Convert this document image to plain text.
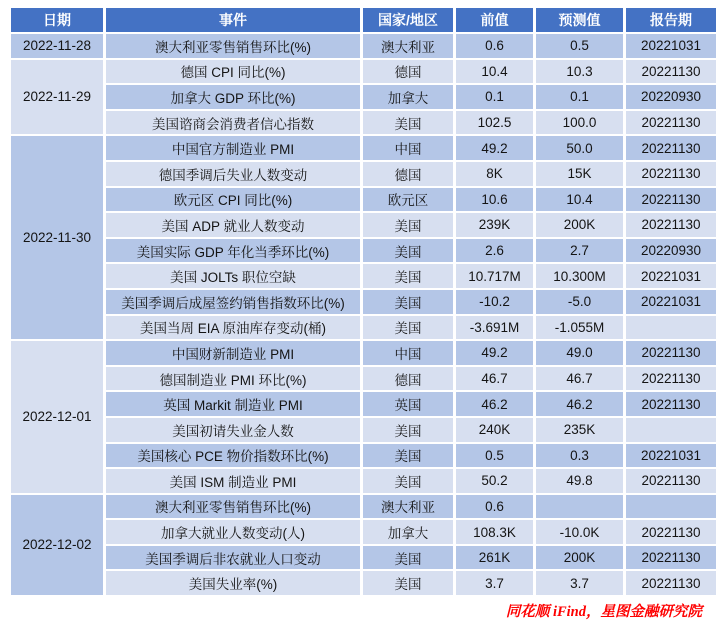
日期	事件	国家/地区	前值	预测值	报告期
2022-11-28	澳大利亚零售销售环比(%)	澳大利亚	0.6	0.5	20221031
2022-11-29	德国 CPI 同比(%)	德国	10.4	10.3	20221130
	加拿大 GDP 环比(%)	加拿大	0.1	0.1	20220930
	美国谘商会消费者信心指数	美国	102.5	100.0	20221130
2022-11-30	中国官方制造业 PMI	中国	49.2	50.0	20221130
	德国季调后失业人数变动	德国	8K	15K	20221130
	欧元区 CPI 同比(%)	欧元区	10.6	10.4	20221130
	美国 ADP 就业人数变动	美国	239K	200K	20221130
	美国实际 GDP 年化当季环比(%)	美国	2.6	2.7	20220930
	美国 JOLTs 职位空缺	美国	10.717M	10.300M	20221031
	美国季调后成屋签约销售指数环比(%)	美国	-10.2	-5.0	20221031
	美国当周 EIA 原油库存变动(桶)	美国	-3.691M	-1.055M	
2022-12-01	中国财新制造业 PMI	中国	49.2	49.0	20221130
	德国制造业 PMI 环比(%)	德国	46.7	46.7	20221130
	英国 Markit 制造业 PMI	英国	46.2	46.2	20221130
	美国初请失业金人数	美国	240K	235K	
	美国核心 PCE 物价指数环比(%)	美国	0.5	0.3	20221031
	美国 ISM 制造业 PMI	美国	50.2	49.8	20221130
2022-12-02	澳大利亚零售销售环比(%)	澳大利亚	0.6		
	加拿大就业人数变动(人)	加拿大	108.3K	-10.0K	20221130
	美国季调后非农就业人口变动	美国	261K	200K	20221130
	美国失业率(%)	美国	3.7	3.7	20221130
同花顺 iFind，星图金融研究院
